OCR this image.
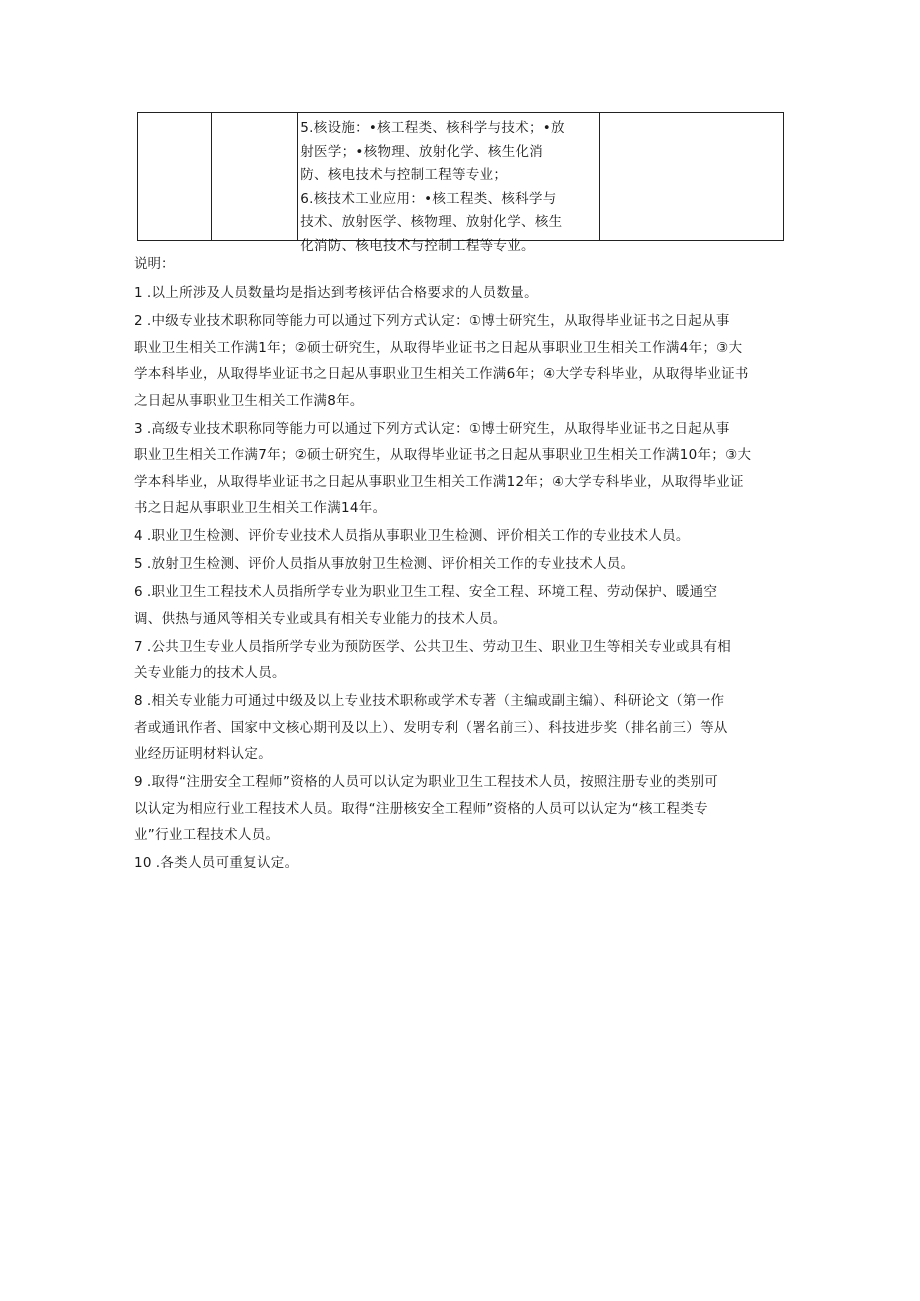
5.核设施：•核工程类、核科学与技术；•放
射医学；•核物理、放射化学、核生化消
防、核电技术与控制工程等专业；
6.核技术工业应用：•核工程类、核科学与
技术、放射医学、核物理、放射化学、核生
化消防、核电技术与控制工程等专业。

说明：
1 .以上所涉及人员数量均是指达到考核评估合格要求的人员数量。
2 .中级专业技术职称同等能力可以通过下列方式认定：①博士研究生，从取得毕业证书之日起从事
职业卫生相关工作满1年；②硕士研究生，从取得毕业证书之日起从事职业卫生相关工作满4年；③大
学本科毕业，从取得毕业证书之日起从事职业卫生相关工作满6年；④大学专科毕业，从取得毕业证书
之日起从事职业卫生相关工作满8年。
3 .高级专业技术职称同等能力可以通过下列方式认定：①博士研究生，从取得毕业证书之日起从事
职业卫生相关工作满7年；②硕士研究生，从取得毕业证书之日起从事职业卫生相关工作满10年；③大
学本科毕业，从取得毕业证书之日起从事职业卫生相关工作满12年；④大学专科毕业，从取得毕业证
书之日起从事职业卫生相关工作满14年。
4 .职业卫生检测、评价专业技术人员指从事职业卫生检测、评价相关工作的专业技术人员。
5 .放射卫生检测、评价人员指从事放射卫生检测、评价相关工作的专业技术人员。
6 .职业卫生工程技术人员指所学专业为职业卫生工程、安全工程、环境工程、劳动保护、暖通空
调、供热与通风等相关专业或具有相关专业能力的技术人员。
7 .公共卫生专业人员指所学专业为预防医学、公共卫生、劳动卫生、职业卫生等相关专业或具有相
关专业能力的技术人员。
8 .相关专业能力可通过中级及以上专业技术职称或学术专著（主编或副主编）、科研论文（第一作
者或通讯作者、国家中文核心期刊及以上）、发明专利（署名前三）、科技进步奖（排名前三）等从
业经历证明材料认定。
9 .取得“注册安全工程师”资格的人员可以认定为职业卫生工程技术人员，按照注册专业的类别可
以认定为相应行业工程技术人员。取得“注册核安全工程师”资格的人员可以认定为“核工程类专
业”行业工程技术人员。
10 .各类人员可重复认定。
